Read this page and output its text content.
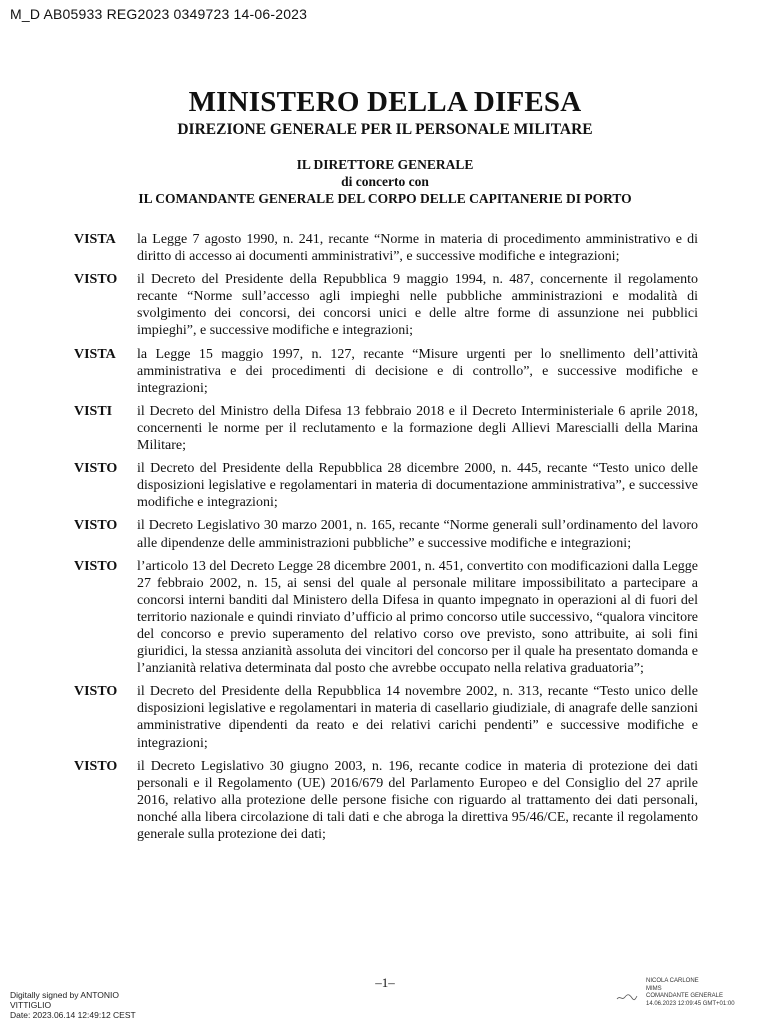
M_D AB05933 REG2023 0349723 14-06-2023
MINISTERO DELLA DIFESA
DIREZIONE GENERALE PER IL PERSONALE MILITARE
IL DIRETTORE GENERALE
di concerto con
IL COMANDANTE GENERALE DEL CORPO DELLE CAPITANERIE DI PORTO
VISTA	la Legge 7 agosto 1990, n. 241, recante “Norme in materia di procedimento amministrativo e di diritto di accesso ai documenti amministrativi”, e successive modifiche e integrazioni;
VISTO	il Decreto del Presidente della Repubblica 9 maggio 1994, n. 487, concernente il regolamento recante “Norme sull’accesso agli impieghi nelle pubbliche amministrazioni e modalità di svolgimento dei concorsi, dei concorsi unici e delle altre forme di assunzione nei pubblici impieghi”, e successive modifiche e integrazioni;
VISTA	la Legge 15 maggio 1997, n. 127, recante “Misure urgenti per lo snellimento dell’attività amministrativa e dei procedimenti di decisione e di controllo”, e successive modifiche e integrazioni;
VISTI	il Decreto del Ministro della Difesa 13 febbraio 2018 e il Decreto Interministeriale 6 aprile 2018, concernenti le norme per il reclutamento e la formazione degli Allievi Marescialli della Marina Militare;
VISTO	il Decreto del Presidente della Repubblica 28 dicembre 2000, n. 445, recante “Testo unico delle disposizioni legislative e regolamentari in materia di documentazione amministrativa”, e successive modifiche e integrazioni;
VISTO	il Decreto Legislativo 30 marzo 2001, n. 165, recante “Norme generali sull’ordinamento del lavoro alle dipendenze delle amministrazioni pubbliche” e successive modifiche e integrazioni;
VISTO	l’articolo 13 del Decreto Legge 28 dicembre 2001, n. 451, convertito con modificazioni dalla Legge 27 febbraio 2002, n. 15, ai sensi del quale al personale militare impossibilitato a partecipare a concorsi interni banditi dal Ministero della Difesa in quanto impegnato in operazioni al di fuori del territorio nazionale e quindi rinviato d’ufficio al primo concorso utile successivo, “qualora vincitore del concorso e previo superamento del relativo corso ove previsto, sono attribuite, ai soli fini giuridici, la stessa anzianità assoluta dei vincitori del concorso per il quale ha presentato domanda e l’anzianità relativa determinata dal posto che avrebbe occupato nella relativa graduatoria”;
VISTO	il Decreto del Presidente della Repubblica 14 novembre 2002, n. 313, recante “Testo unico delle disposizioni legislative e regolamentari in materia di casellario giudiziale, di anagrafe delle sanzioni amministrative dipendenti da reato e dei relativi carichi pendenti” e successive modifiche e integrazioni;
VISTO	il Decreto Legislativo 30 giugno 2003, n. 196, recante codice in materia di protezione dei dati personali e il Regolamento (UE) 2016/679 del Parlamento Europeo e del Consiglio del 27 aprile 2016, relativo alla protezione delle persone fisiche con riguardo al trattamento dei dati personali, nonché alla libera circolazione di tali dati e che abroga la direttiva 95/46/CE, recante il regolamento generale sulla protezione dei dati;
–1–
Digitally signed by ANTONIO
VITTIGLIO
Date: 2023.06.14 12:49:12 CEST
NICOLA CARLONE
MIMS
COMANDANTE GENERALE
14.06.2023 12:09:45 GMT+01:00
